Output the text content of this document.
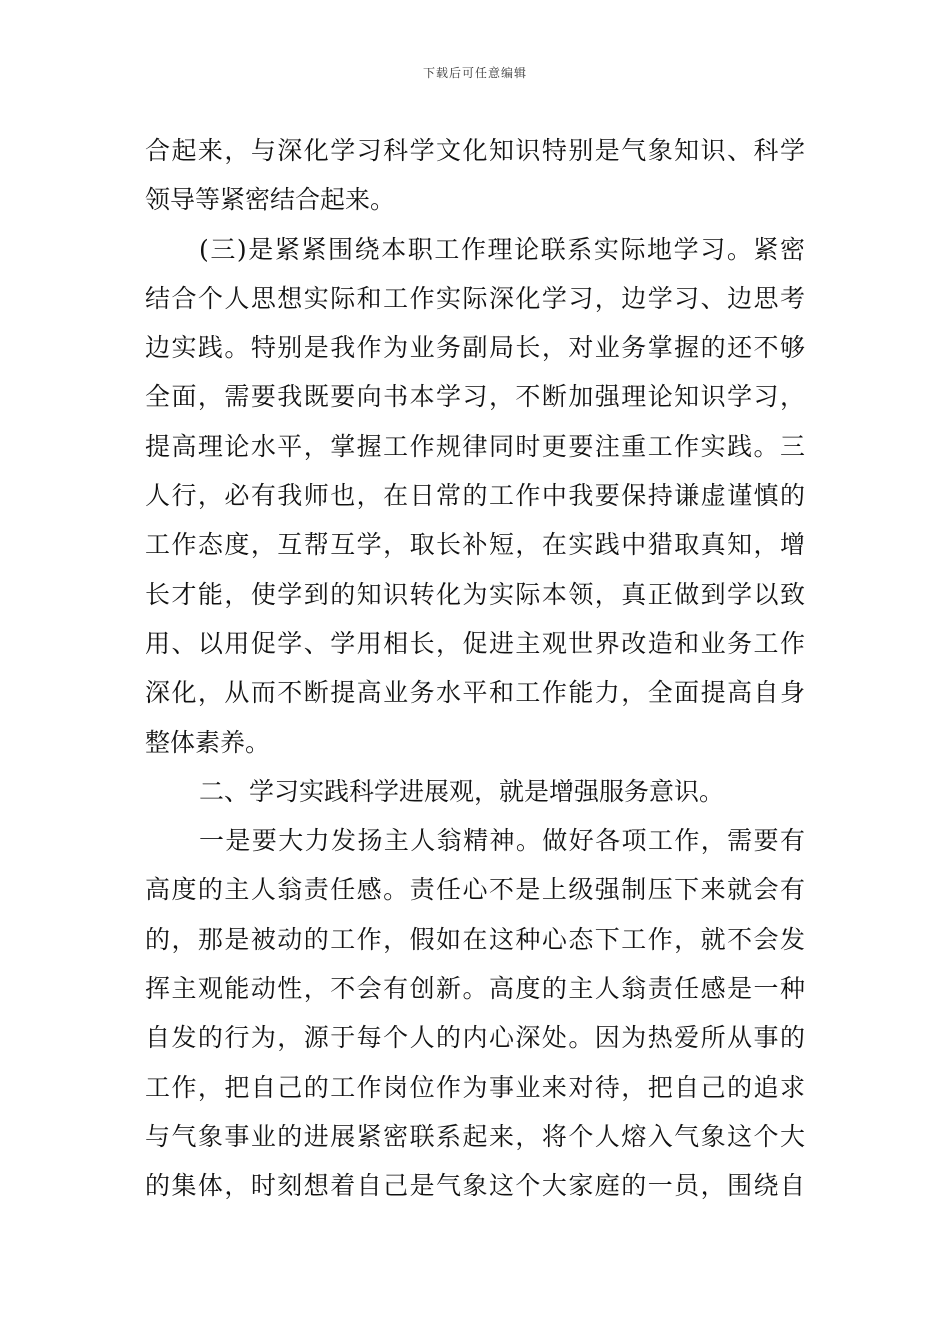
下载后可任意编辑
合起来，与深化学习科学文化知识特别是气象知识、科学
领导等紧密结合起来。
(三)是紧紧围绕本职工作理论联系实际地学习。紧密
结合个人思想实际和工作实际深化学习，边学习、边思考
边实践。特别是我作为业务副局长，对业务掌握的还不够
全面，需要我既要向书本学习，不断加强理论知识学习，
提高理论水平，掌握工作规律同时更要注重工作实践。三
人行，必有我师也，在日常的工作中我要保持谦虚谨慎的
工作态度，互帮互学，取长补短，在实践中猎取真知，增
长才能，使学到的知识转化为实际本领，真正做到学以致
用、以用促学、学用相长，促进主观世界改造和业务工作
深化，从而不断提高业务水平和工作能力，全面提高自身
整体素养。
二、学习实践科学进展观，就是增强服务意识。
一是要大力发扬主人翁精神。做好各项工作，需要有
高度的主人翁责任感。责任心不是上级强制压下来就会有
的，那是被动的工作，假如在这种心态下工作，就不会发
挥主观能动性，不会有创新。高度的主人翁责任感是一种
自发的行为，源于每个人的内心深处。因为热爱所从事的
工作，把自己的工作岗位作为事业来对待，把自己的追求
与气象事业的进展紧密联系起来，将个人熔入气象这个大
的集体，时刻想着自己是气象这个大家庭的一员，围绕自
